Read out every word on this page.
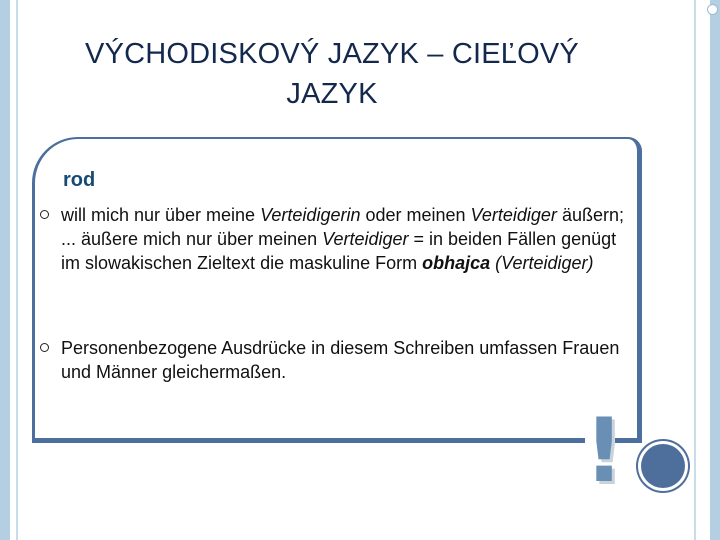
VÝCHODISKOVÝ JAZYK – CIEĽOVÝ JAZYK
rod
will mich nur über meine Verteidigerin oder meinen Verteidiger äußern; ... äußere mich nur über meinen Verteidiger = in beiden Fällen genügt im slowakischen Zieltext die maskuline Form obhajca (Verteidiger)
Personenbezogene Ausdrücke in diesem Schreiben umfassen Frauen und Männer gleichermaßen.
!
